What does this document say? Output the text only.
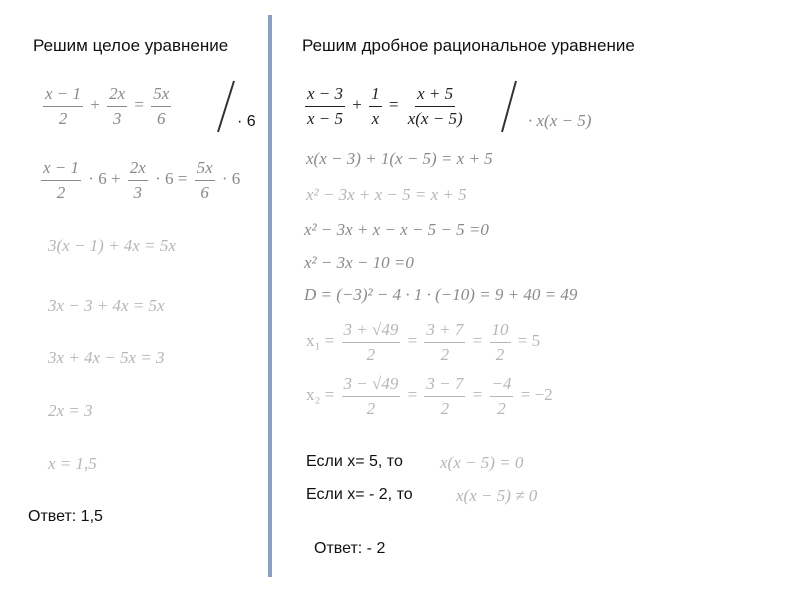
Решим целое уравнение
$\frac{x - 1}{2} + \frac{2x}{3} = \frac{5x}{6}$	· 6
$\frac{x - 1}{2} \cdot 6 + \frac{2x}{3} \cdot 6 = \frac{5x}{6} \cdot 6$
3(x − 1) + 4x = 5x
3x − 3 + 4x = 5x
3x + 4x − 5x = 3
2x = 3
x = 1,5
Ответ: 1,5
Решим дробное рациональное уравнение
$\frac{x - 3}{x - 5} + \frac{1}{x} = \frac{x + 5}{x(x - 5)}$	· x(x − 5)
x(x − 3) + 1(x − 5) = x + 5
x² − 3x + x − 5 = x + 5
x² − 3x + x − x − 5 − 5 =0
x² − 3x − 10 =0
D = (−3)² − 4 · 1 · (−10) = 9 + 40 = 49
$x_1 = \frac{3 + √49}{2} = \frac{3 + 7}{2} = \frac{10}{2} = 5$
$x_2 = \frac{3 - √49}{2} = \frac{3 - 7}{2} = \frac{-4}{2} = -2$
Если х= 5, то x(x − 5) = 0
Если х= - 2, то	x(x − 5) ≠ 0
Ответ: - 2
